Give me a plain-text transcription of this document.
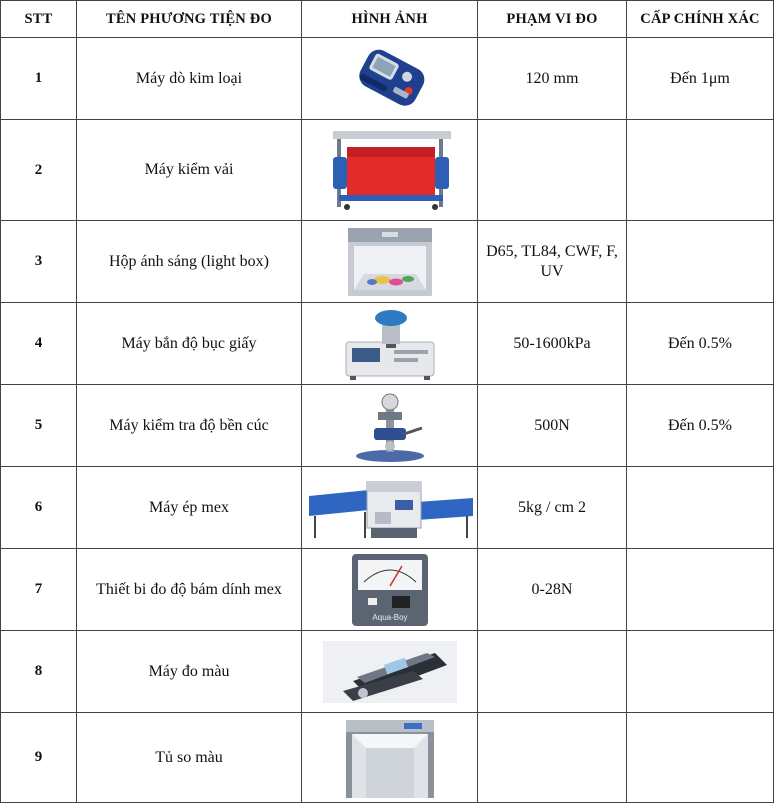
STT	TÊN PHƯƠNG TIỆN ĐO	HÌNH ẢNH	PHẠM VI ĐO	CẤP CHÍNH XÁC
1	Máy dò kim loại		120 mm	Đến 1μm
2	Máy kiểm vải	

3	Hộp ánh sáng (light box)		D65, TL84, CWF, F, UV	
4	Máy bắn độ bục giấy		50-1600kPa	Đến 0.5%
5	Máy kiểm tra độ bền cúc		500N	Đến 0.5%
6	Máy ép mex		5kg / cm 2	
7	Thiết bi đo độ bám dính mex	Aqua-Boy	0-28N	
8	Máy đo màu	

9	Tủ so màu	
